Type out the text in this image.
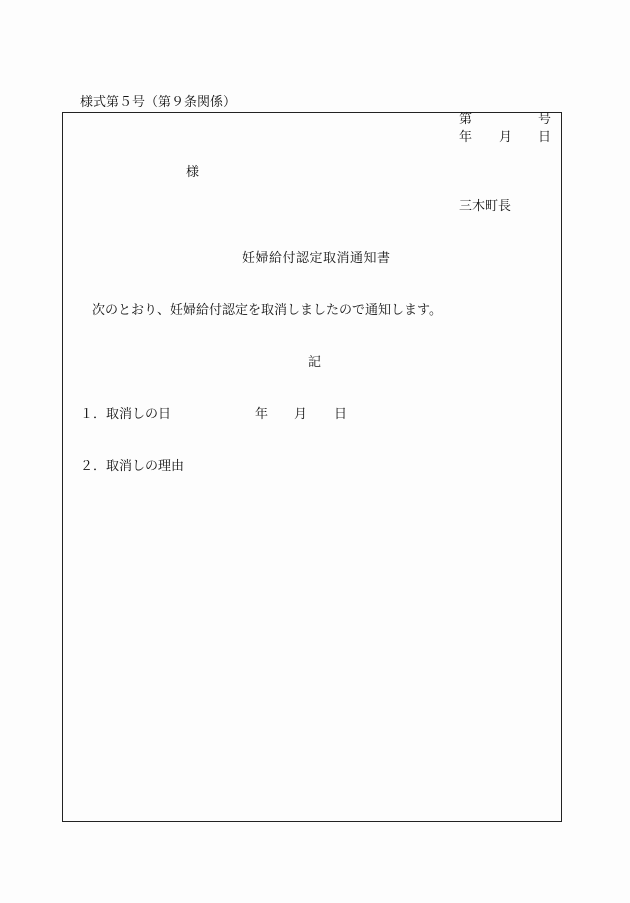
様式第５号（第９条関係）
第	号
年 月 日
様
三木町長
妊婦給付認定取消通知書
次のとおり、妊婦給付認定を取消しましたので通知します。
記
１．取消しの日	年 月 日
２．取消しの理由
